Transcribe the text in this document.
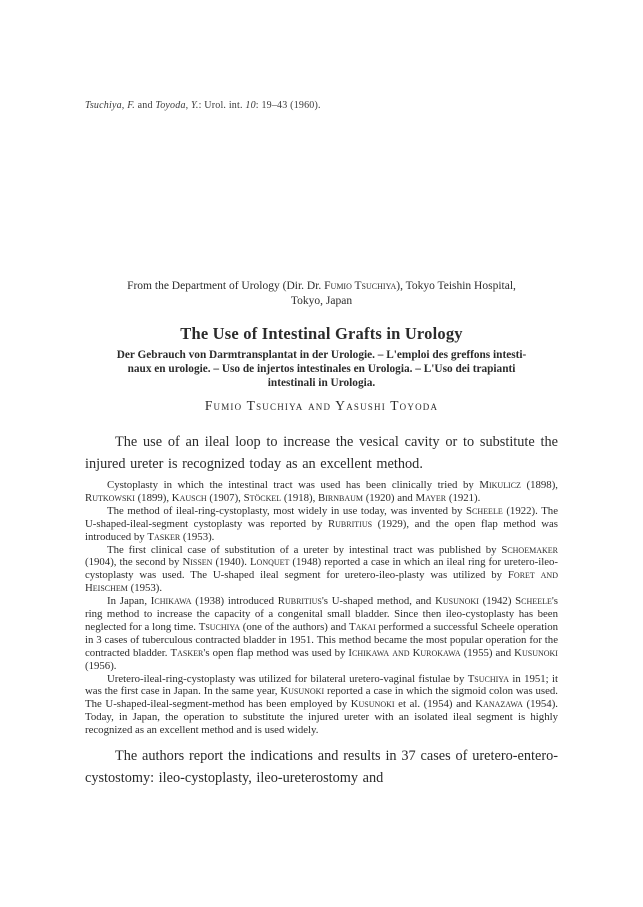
Tsuchiya, F. and Toyoda, Y.: Urol. int. 10: 19–43 (1960).
From the Department of Urology (Dir. Dr. Fumio Tsuchiya), Tokyo Teishin Hospital,
Tokyo, Japan
The Use of Intestinal Grafts in Urology
Der Gebrauch von Darmtransplantat in der Urologie. – L'emploi des greffons intesti-
naux en urologie. – Uso de injertos intestinales en Urologia. – L'Uso dei trapianti
intestinali in Urologia.
Fumio Tsuchiya and Yasushi Toyoda

The use of an ileal loop to increase the vesical cavity or to substitute the injured ureter is recognized today as an excellent method.

Cystoplasty in which the intestinal tract was used has been clinically tried by Mikulicz (1898), Rutkowski (1899), Kausch (1907), Stöckel (1918), Birnbaum (1920) and Mayer (1921).

The method of ileal-ring-cystoplasty, most widely in use today, was invented by Scheele (1922). The U-shaped-ileal-segment cystoplasty was reported by Rubritius (1929), and the open flap method was introduced by Tasker (1953).

The first clinical case of substitution of a ureter by intestinal tract was published by Schoemaker (1904), the second by Nissen (1940). Lonquet (1948) reported a case in which an ileal ring for uretero-ileo-cystoplasty was used. The U-shaped ileal segment for uretero-ileo-plasty was utilized by Foret and Heischem (1953).

In Japan, Ichikawa (1938) introduced Rubritius's U-shaped method, and Kusunoki (1942) Scheele's ring method to increase the capacity of a congenital small bladder. Since then ileo-cystoplasty has been neglected for a long time. Tsuchiya (one of the authors) and Takai performed a successful Scheele operation in 3 cases of tuberculous contracted bladder in 1951. This method became the most popular operation for the contracted bladder. Tasker's open flap method was used by Ichikawa and Kurokawa (1955) and Kusunoki (1956).

Uretero-ileal-ring-cystoplasty was utilized for bilateral uretero-vaginal fistulae by Tsuchiya in 1951; it was the first case in Japan. In the same year, Kusunoki reported a case in which the sigmoid colon was used. The U-shaped-ileal-segment-method has been employed by Kusunoki et al. (1954) and Kanazawa (1954). Today, in Japan, the operation to substitute the injured ureter with an isolated ileal segment is highly recognized as an excellent method and is used widely.

The authors report the indications and results in 37 cases of uretero-entero-cystostomy: ileo-cystoplasty, ileo-ureterostomy and
